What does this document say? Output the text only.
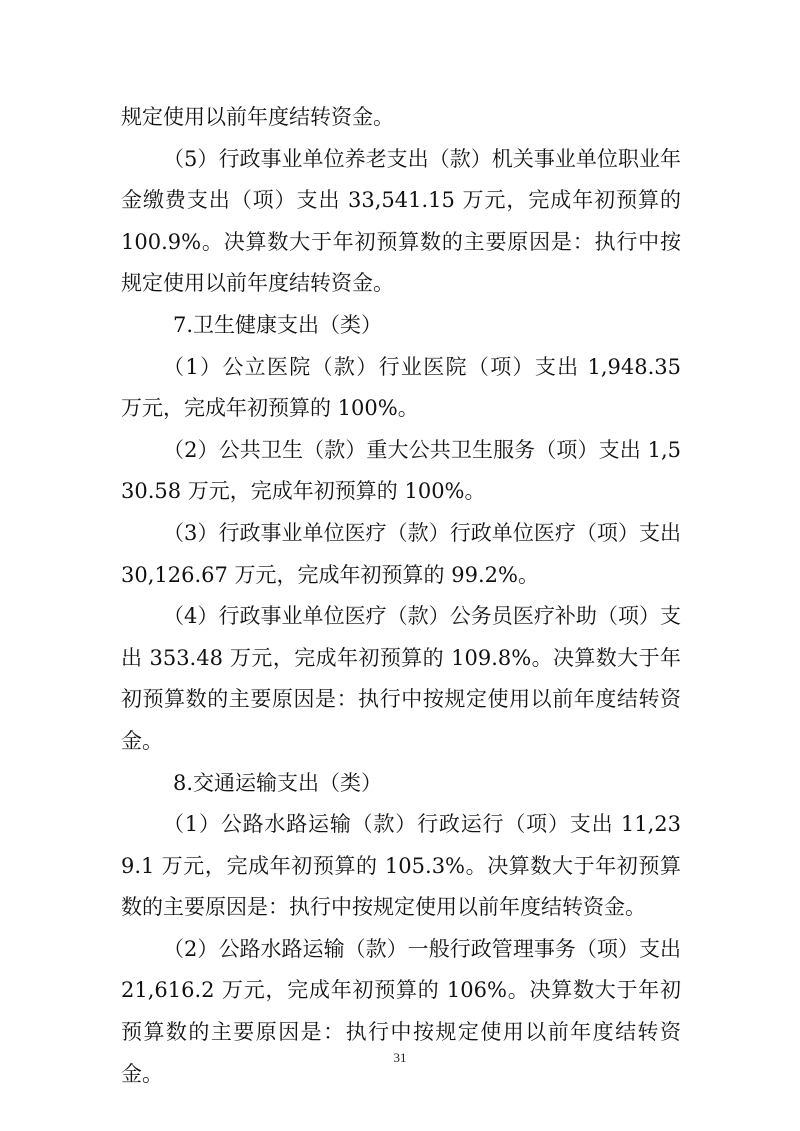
规定使用以前年度结转资金。

（5）行政事业单位养老支出（款）机关事业单位职业年金缴费支出（项）支出 33,541.15 万元，完成年初预算的 100.9%。决算数大于年初预算数的主要原因是：执行中按规定使用以前年度结转资金。

7.卫生健康支出（类）

（1）公立医院（款）行业医院（项）支出 1,948.35 万元，完成年初预算的 100%。

（2）公共卫生（款）重大公共卫生服务（项）支出 1,530.58 万元，完成年初预算的 100%。

（3）行政事业单位医疗（款）行政单位医疗（项）支出 30,126.67 万元，完成年初预算的 99.2%。

（4）行政事业单位医疗（款）公务员医疗补助（项）支出 353.48 万元，完成年初预算的 109.8%。决算数大于年初预算数的主要原因是：执行中按规定使用以前年度结转资金。

8.交通运输支出（类）

（1）公路水路运输（款）行政运行（项）支出 11,239.1 万元，完成年初预算的 105.3%。决算数大于年初预算数的主要原因是：执行中按规定使用以前年度结转资金。

（2）公路水路运输（款）一般行政管理事务（项）支出 21,616.2 万元，完成年初预算的 106%。决算数大于年初预算数的主要原因是：执行中按规定使用以前年度结转资金。

31
